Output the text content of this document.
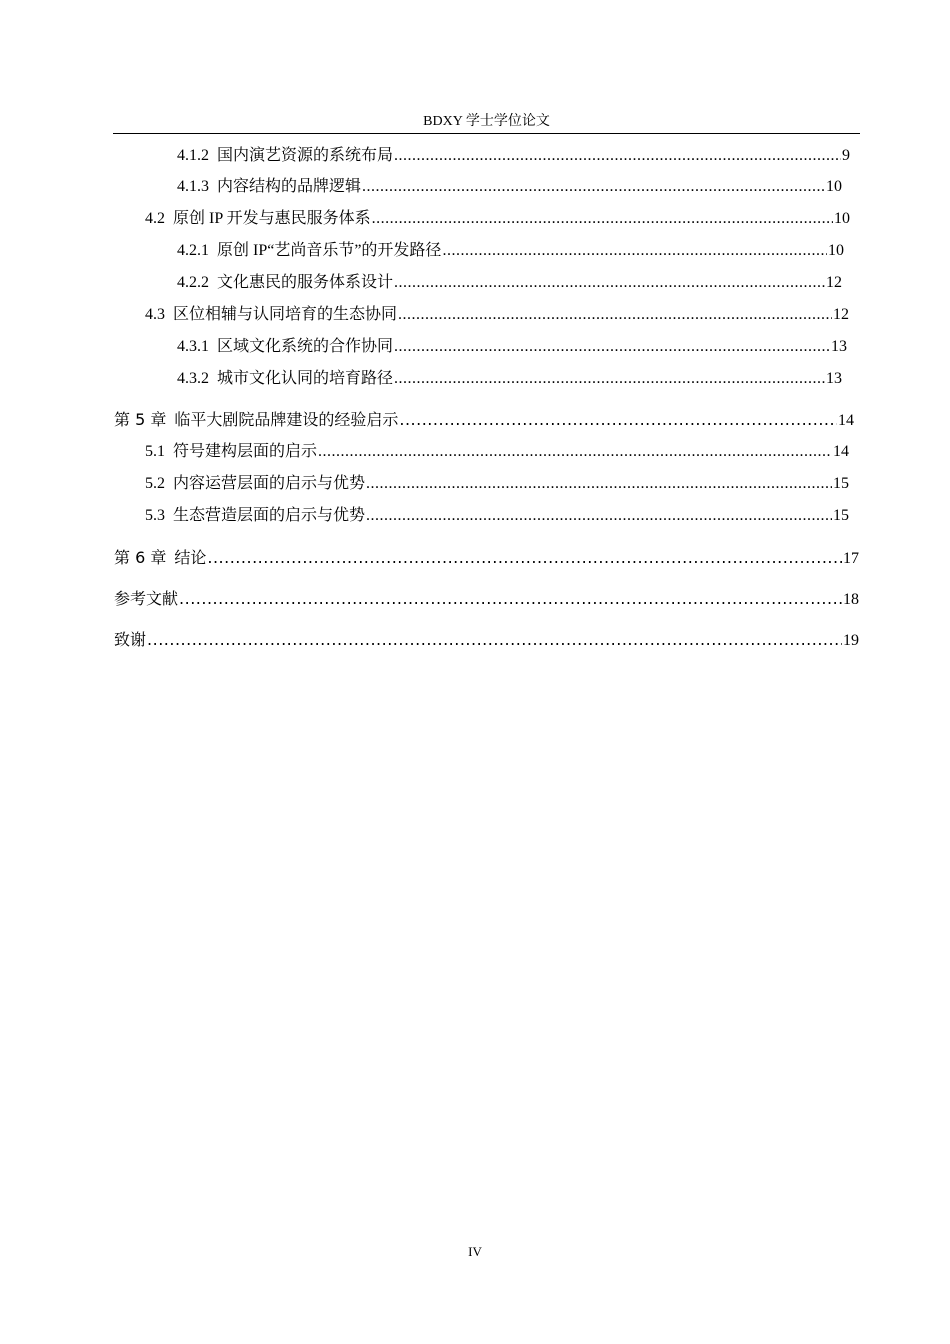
BDXY 学士学位论文
4.1.2 国内演艺资源的系统布局 .....	9
4.1.3 内容结构的品牌逻辑 .....	10
4.2 原创 IP 开发与惠民服务体系 .....	10
4.2.1 原创 IP“艺尚音乐节”的开发路径 .....	10
4.2.2 文化惠民的服务体系设计 .....	12
4.3 区位相辅与认同培育的生态协同 .....	12
4.3.1 区域文化系统的合作协同 .....	13
4.3.2 城市文化认同的培育路径 .....	13
第 5 章 临平大剧院品牌建设的经验启示 .....	14
5.1 符号建构层面的启示 .....	14
5.2 内容运营层面的启示与优势 .....	15
5.3 生态营造层面的启示与优势 .....	15
第 6 章 结论 .....	17
参考文献 .....	18
致谢 .....	19
IV
